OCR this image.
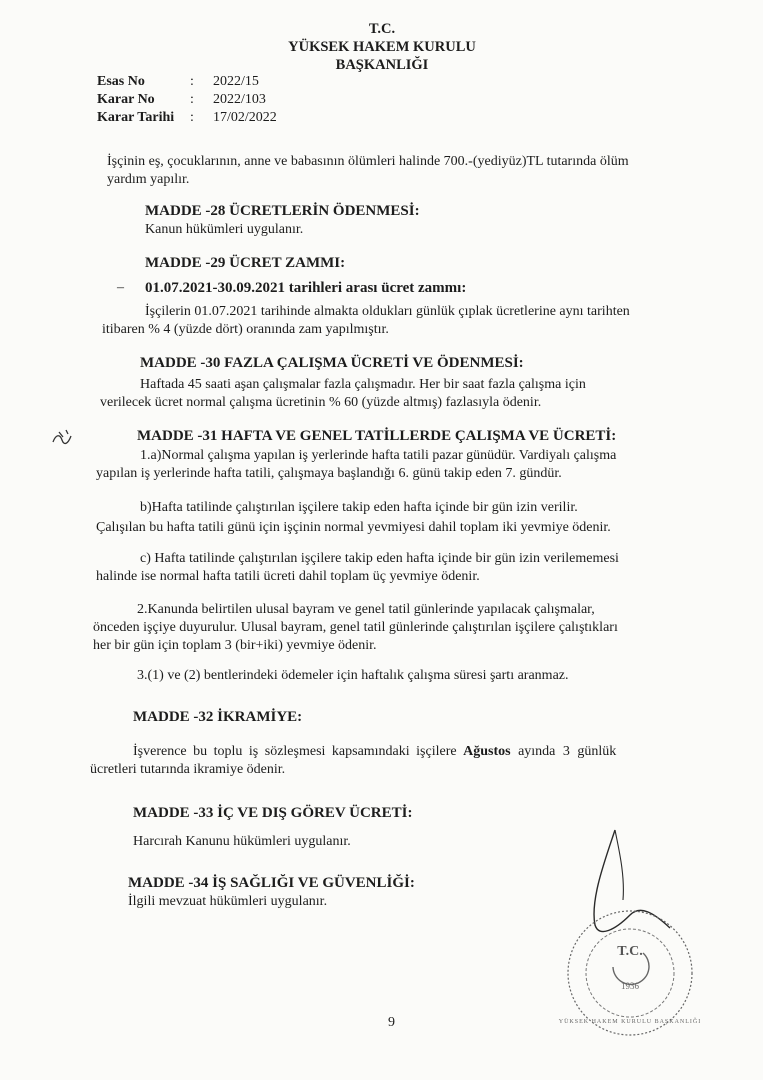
T.C.
YÜKSEK HAKEM KURULU
BAŞKANLIĞI
Esas No	: 2022/15
Karar No	: 2022/103
Karar Tarihi : 17/02/2022
İşçinin eş, çocuklarının, anne ve babasının ölümleri halinde 700.-(yediyüz)TL tutarında ölüm
yardım yapılır.
MADDE -28 ÜCRETLERİN ÖDENMESİ:
Kanun hükümleri uygulanır.
MADDE -29 ÜCRET ZAMMI:
– 01.07.2021-30.09.2021 tarihleri arası ücret zammı:
İşçilerin 01.07.2021 tarihinde almakta oldukları günlük çıplak ücretlerine aynı tarihten
itibaren % 4 (yüzde dört) oranında zam yapılmıştır.
MADDE -30 FAZLA ÇALIŞMA ÜCRETİ VE ÖDENMESİ:
Haftada 45 saati aşan çalışmalar fazla çalışmadır. Her bir saat fazla çalışma için
verilecek ücret normal çalışma ücretinin % 60 (yüzde altmış) fazlasıyla ödenir.
MADDE -31 HAFTA VE GENEL TATİLLERDE ÇALIŞMA VE ÜCRETİ:
1.a)Normal çalışma yapılan iş yerlerinde hafta tatili pazar günüdür. Vardiyalı çalışma
yapılan iş yerlerinde hafta tatili, çalışmaya başlandığı 6. günü takip eden 7. gündür.
b)Hafta tatilinde çalıştırılan işçilere takip eden hafta içinde bir gün izin verilir.
Çalışılan bu hafta tatili günü için işçinin normal yevmiyesi dahil toplam iki yevmiye ödenir.
c) Hafta tatilinde çalıştırılan işçilere takip eden hafta içinde bir gün izin verilememesi
halinde ise normal hafta tatili ücreti dahil toplam üç yevmiye ödenir.
2.Kanunda belirtilen ulusal bayram ve genel tatil günlerinde yapılacak çalışmalar,
önceden işçiye duyurulur. Ulusal bayram, genel tatil günlerinde çalıştırılan işçilere çalıştıkları
her bir gün için toplam 3 (bir+iki) yevmiye ödenir.
3.(1) ve (2) bentlerindeki ödemeler için haftalık çalışma süresi şartı aranmaz.
MADDE -32 İKRAMİYE:
İşverence bu toplu iş sözleşmesi kapsamındaki işçilere Ağustos ayında 3 günlük
ücretleri tutarında ikramiye ödenir.
MADDE -33 İÇ VE DIŞ GÖREV ÜCRETİ:
Harcırah Kanunu hükümleri uygulanır.
MADDE -34 İŞ SAĞLIĞI VE GÜVENLİĞİ:
İlgili mevzuat hükümleri uygulanır.
T.C.
1936
YÜKSEK HAKEM KURULU BAŞKANLIĞI
9
